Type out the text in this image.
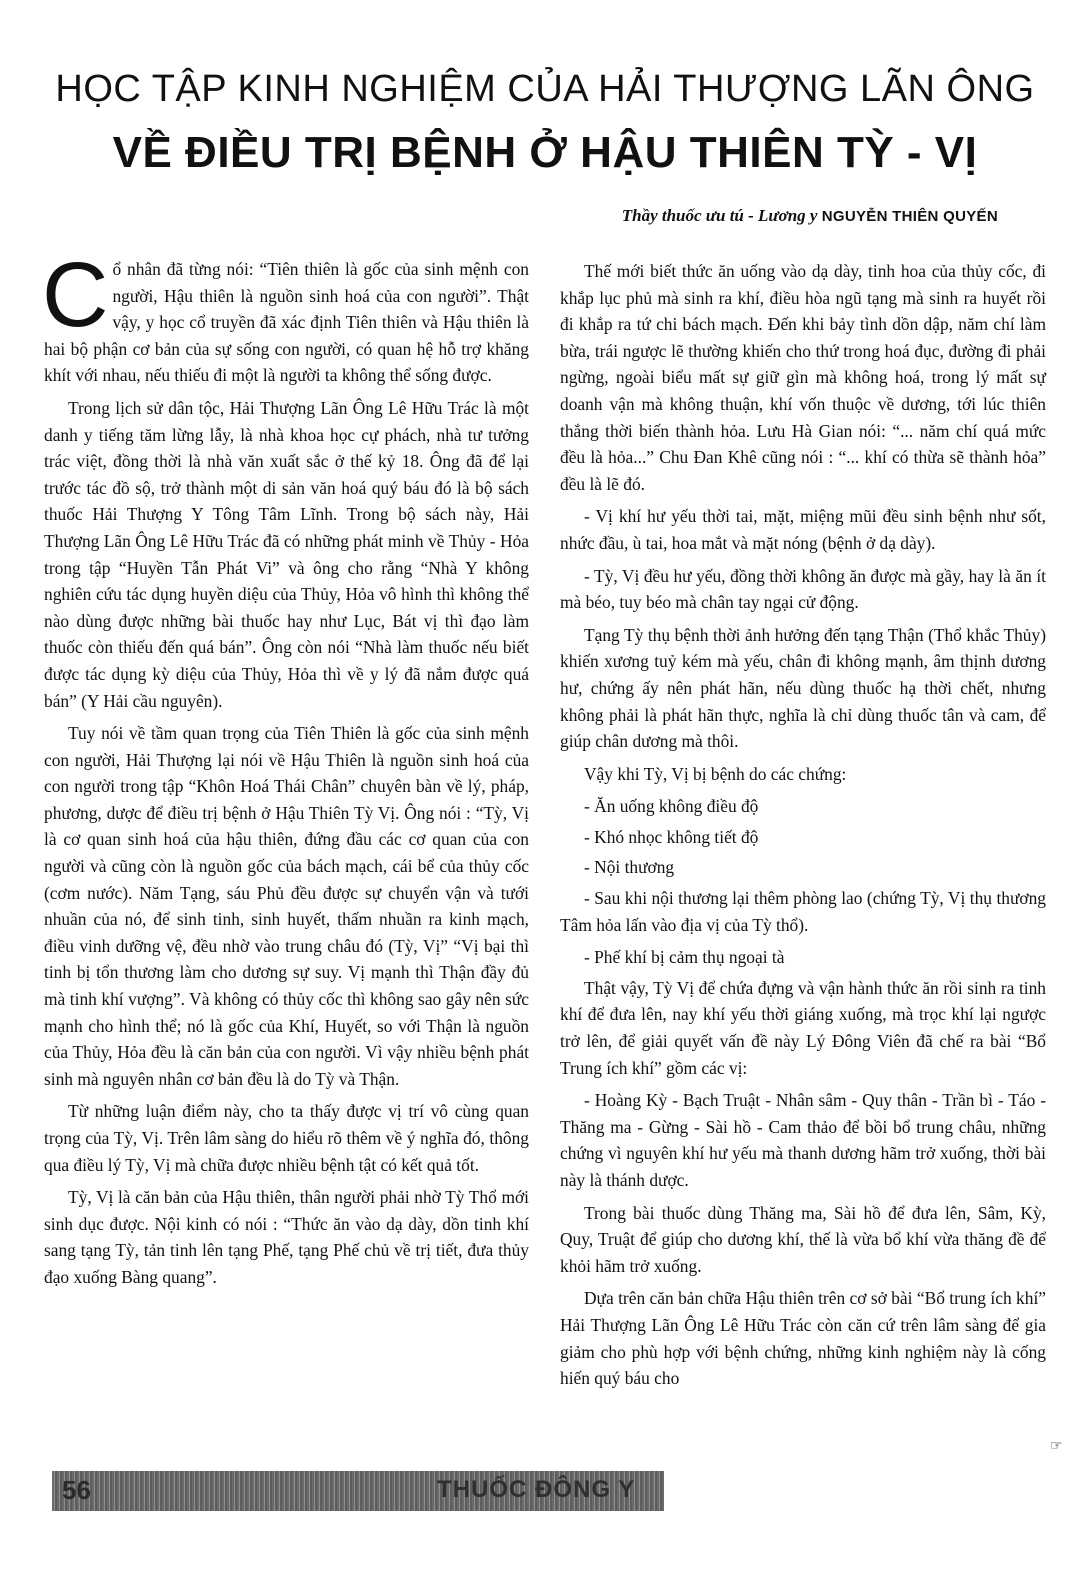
HỌC TẬP KINH NGHIỆM CỦA HẢI THƯỢNG LÃN ÔNG
VỀ ĐIỀU TRỊ BỆNH Ở HẬU THIÊN TỲ - VỊ
Thầy thuốc ưu tú - Lương y NGUYỄN THIÊN QUYẾN

Cổ nhân đã từng nói: “Tiên thiên là gốc của sinh mệnh con người, Hậu thiên là nguồn sinh hoá của con người”. Thật vậy, y học cổ truyền đã xác định Tiên thiên và Hậu thiên là hai bộ phận cơ bản của sự sống con người, có quan hệ hỗ trợ khăng khít với nhau, nếu thiếu đi một là người ta không thể sống được.

Trong lịch sử dân tộc, Hải Thượng Lãn Ông Lê Hữu Trác là một danh y tiếng tăm lừng lẫy, là nhà khoa học cự phách, nhà tư tưởng trác việt, đồng thời là nhà văn xuất sắc ở thế kỷ 18. Ông đã để lại trước tác đồ sộ, trở thành một di sản văn hoá quý báu đó là bộ sách thuốc Hải Thượng Y Tông Tâm Lĩnh. Trong bộ sách này, Hải Thượng Lãn Ông Lê Hữu Trác đã có những phát minh về Thủy - Hỏa trong tập “Huyền Tẫn Phát Vi” và ông cho rằng “Nhà Y không nghiên cứu tác dụng huyền diệu của Thủy, Hỏa vô hình thì không thể nào dùng được những bài thuốc hay như Lục, Bát vị thì đạo làm thuốc còn thiếu đến quá bán”. Ông còn nói “Nhà làm thuốc nếu biết được tác dụng kỳ diệu của Thủy, Hỏa thì về y lý đã nắm được quá bán” (Y Hải cầu nguyên).

Tuy nói về tầm quan trọng của Tiên Thiên là gốc của sinh mệnh con người, Hải Thượng lại nói về Hậu Thiên là nguồn sinh hoá của con người trong tập “Khôn Hoá Thái Chân” chuyên bàn về lý, pháp, phương, dược để điều trị bệnh ở Hậu Thiên Tỳ Vị. Ông nói : “Tỳ, Vị là cơ quan sinh hoá của hậu thiên, đứng đầu các cơ quan của con người và cũng còn là nguồn gốc của bách mạch, cái bể của thủy cốc (cơm nước). Năm Tạng, sáu Phủ đều được sự chuyển vận và tưới nhuần của nó, để sinh tinh, sinh huyết, thấm nhuần ra kinh mạch, điều vinh dưỡng vệ, đều nhờ vào trung châu đó (Tỳ, Vị” “Vị bại thì tinh bị tổn thương làm cho dương sự suy. Vị mạnh thì Thận đầy đủ mà tinh khí vượng”. Và không có thủy cốc thì không sao gây nên sức mạnh cho hình thể; nó là gốc của Khí, Huyết, so với Thận là nguồn của Thủy, Hỏa đều là căn bản của con người. Vì vậy nhiều bệnh phát sinh mà nguyên nhân cơ bản đều là do Tỳ và Thận.

Từ những luận điểm này, cho ta thấy được vị trí vô cùng quan trọng của Tỳ, Vị. Trên lâm sàng do hiểu rõ thêm về ý nghĩa đó, thông qua điều lý Tỳ, Vị mà chữa được nhiều bệnh tật có kết quả tốt.

Tỳ, Vị là căn bản của Hậu thiên, thân người phải nhờ Tỳ Thổ mới sinh dục được. Nội kinh có nói : “Thức ăn vào dạ dày, dồn tinh khí sang tạng Tỳ, tản tinh lên tạng Phế, tạng Phế chủ về trị tiết, đưa thủy đạo xuống Bàng quang”.

Thế mới biết thức ăn uống vào dạ dày, tinh hoa của thủy cốc, đi khắp lục phủ mà sinh ra khí, điều hòa ngũ tạng mà sinh ra huyết rồi đi khắp ra tứ chi bách mạch. Đến khi bảy tình dồn dập, năm chí làm bừa, trái ngược lẽ thường khiến cho thứ trong hoá đục, đường đi phải ngừng, ngoài biểu mất sự giữ gìn mà không hoá, trong lý mất sự doanh vận mà không thuận, khí vốn thuộc về dương, tới lúc thiên thắng thời biến thành hỏa. Lưu Hà Gian nói: “... năm chí quá mức đều là hỏa...” Chu Đan Khê cũng nói : “... khí có thừa sẽ thành hỏa” đều là lẽ đó.

- Vị khí hư yếu thời tai, mặt, miệng mũi đều sinh bệnh như sốt, nhức đầu, ù tai, hoa mắt và mặt nóng (bệnh ở dạ dày).

- Tỳ, Vị đều hư yếu, đồng thời không ăn được mà gầy, hay là ăn ít mà béo, tuy béo mà chân tay ngại cử động.

Tạng Tỳ thụ bệnh thời ảnh hưởng đến tạng Thận (Thổ khắc Thủy) khiến xương tuỷ kém mà yếu, chân đi không mạnh, âm thịnh dương hư, chứng ấy nên phát hãn, nếu dùng thuốc hạ thời chết, nhưng không phải là phát hãn thực, nghĩa là chỉ dùng thuốc tân và cam, để giúp chân dương mà thôi.

Vậy khi Tỳ, Vị bị bệnh do các chứng:

- Ăn uống không điều độ

- Khó nhọc không tiết độ

- Nội thương

- Sau khi nội thương lại thêm phòng lao (chứng Tỳ, Vị thụ thương Tâm hỏa lấn vào địa vị của Tỳ thổ).

- Phế khí bị cảm thụ ngoại tà

Thật vậy, Tỳ Vị để chứa đựng và vận hành thức ăn rồi sinh ra tinh khí để đưa lên, nay khí yếu thời giáng xuống, mà trọc khí lại ngược trở lên, để giải quyết vấn đề này Lý Đông Viên đã chế ra bài “Bổ Trung ích khí” gồm các vị:

- Hoàng Kỳ - Bạch Truật - Nhân sâm - Quy thân - Trần bì - Táo - Thăng ma - Gừng - Sài hồ - Cam thảo để bồi bổ trung châu, những chứng vì nguyên khí hư yếu mà thanh dương hãm trở xuống, thời bài này là thánh dược.

Trong bài thuốc dùng Thăng ma, Sài hồ để đưa lên, Sâm, Kỳ, Quy, Truật để giúp cho dương khí, thế là vừa bổ khí vừa thăng đề để khỏi hãm trở xuống.

Dựa trên căn bản chữa Hậu thiên trên cơ sở bài “Bổ trung ích khí” Hải Thượng Lãn Ông Lê Hữu Trác còn căn cứ trên lâm sàng để gia giảm cho phù hợp với bệnh chứng, những kinh nghiệm này là cống hiến quý báu cho

☞
56	THUỐC ĐÔNG Y
